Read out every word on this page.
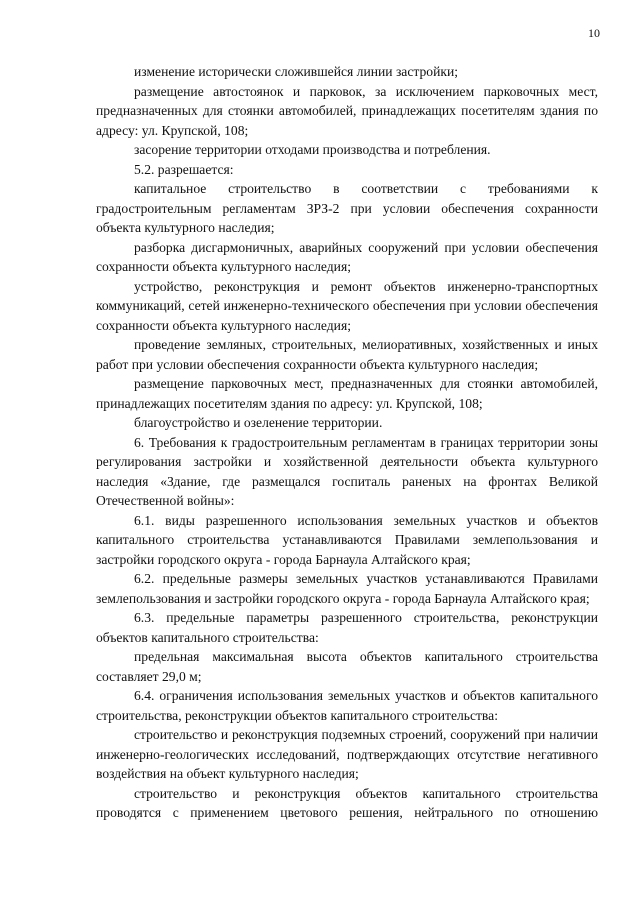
10

изменение исторически сложившейся линии застройки;

размещение автостоянок и парковок, за исключением парковочных мест, предназначенных для стоянки автомобилей, принадлежащих посетителям здания по адресу: ул. Крупской, 108;

засорение территории отходами производства и потребления.

5.2. разрешается:

капитальное строительство в соответствии с требованиями к градостроительным регламентам ЗРЗ-2 при условии обеспечения сохранности объекта культурного наследия;

разборка дисгармоничных, аварийных сооружений при условии обеспечения сохранности объекта культурного наследия;

устройство, реконструкция и ремонт объектов инженерно-транспортных коммуникаций, сетей инженерно-технического обеспечения при условии обеспечения сохранности объекта культурного наследия;

проведение земляных, строительных, мелиоративных, хозяйственных и иных работ при условии обеспечения сохранности объекта культурного наследия;

размещение парковочных мест, предназначенных для стоянки автомобилей, принадлежащих посетителям здания по адресу: ул. Крупской, 108;

благоустройство и озеленение территории.

6. Требования к градостроительным регламентам в границах территории зоны регулирования застройки и хозяйственной деятельности объекта культурного наследия «Здание, где размещался госпиталь раненых на фронтах Великой Отечественной войны»:

6.1. виды разрешенного использования земельных участков и объектов капитального строительства устанавливаются Правилами землепользования и застройки городского округа - города Барнаула Алтайского края;

6.2. предельные размеры земельных участков устанавливаются Правилами землепользования и застройки городского округа - города Барнаула Алтайского края;

6.3. предельные параметры разрешенного строительства, реконструкции объектов капитального строительства:

предельная максимальная высота объектов капитального строительства составляет 29,0 м;

6.4. ограничения использования земельных участков и объектов капитального строительства, реконструкции объектов капитального строительства:

строительство и реконструкция подземных строений, сооружений при наличии инженерно-геологических исследований, подтверждающих отсутствие негативного воздействия на объект культурного наследия;

строительство и реконструкция объектов капитального строительства проводятся с применением цветового решения, нейтрального по отношению
